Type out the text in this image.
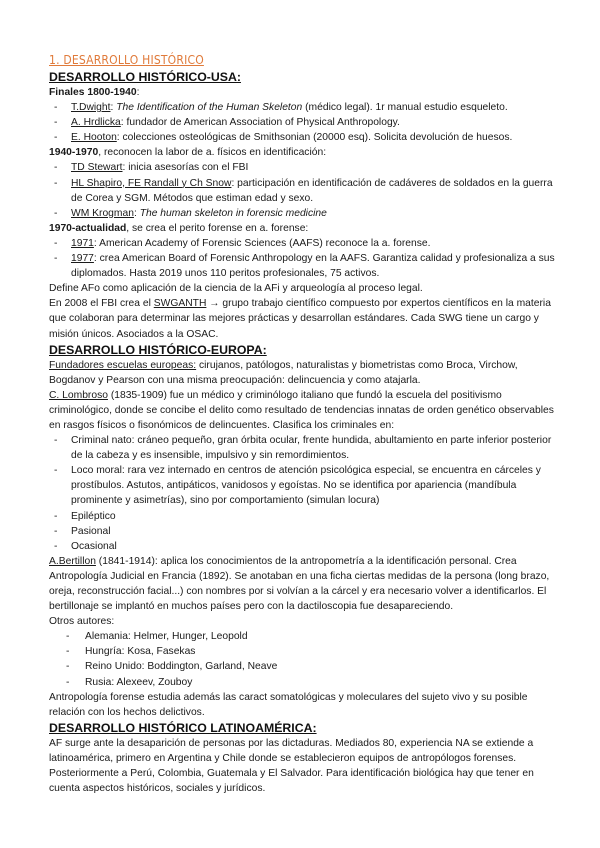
1. DESARROLLO HISTÓRICO
DESARROLLO HISTÓRICO-USA:

Finales 1800-1940:

- T.Dwight: The Identification of the Human Skeleton (médico legal). 1r manual estudio esqueleto.
- A. Hrdlicka: fundador de American Association of Physical Anthropology.
- E. Hooton: colecciones osteológicas de Smithsonian (20000 esq). Solicita devolución de huesos.

1940-1970, reconocen la labor de a. físicos en identificación:

- TD Stewart: inicia asesorías con el FBI
- HL Shapiro, FE Randall y Ch Snow: participación en identificación de cadáveres de soldados en la guerra de Corea y SGM. Métodos que estiman edad y sexo.
- WM Krogman: The human skeleton in forensic medicine

1970-actualidad, se crea el perito forense en a. forense:

- 1971: American Academy of Forensic Sciences (AAFS) reconoce la a. forense.
- 1977: crea American Board of Forensic Anthropology en la AAFS. Garantiza calidad y profesionaliza a sus diplomados. Hasta 2019 unos 110 peritos profesionales, 75 activos.

Define AFo como aplicación de la ciencia de la AFi y arqueología al proceso legal.

En 2008 el FBI crea el SWGANTH → grupo trabajo científico compuesto por expertos científicos en la materia que colaboran para determinar las mejores prácticas y desarrollan estándares. Cada SWG tiene un cargo y misión únicos. Asociados a la OSAC.

DESARROLLO HISTÓRICO-EUROPA:

Fundadores escuelas europeas: cirujanos, patólogos, naturalistas y biometristas como Broca, Virchow, Bogdanov y Pearson con una misma preocupación: delincuencia y como atajarla.

C. Lombroso (1835-1909) fue un médico y criminólogo italiano que fundó la escuela del positivismo criminológico, donde se concibe el delito como resultado de tendencias innatas de orden genético observables en rasgos físicos o fisonómicos de delincuentes. Clasifica los criminales en:

- Criminal nato: cráneo pequeño, gran órbita ocular, frente hundida, abultamiento en parte inferior posterior de la cabeza y es insensible, impulsivo y sin remordimientos.
- Loco moral: rara vez internado en centros de atención psicológica especial, se encuentra en cárceles y prostíbulos. Astutos, antipáticos, vanidosos y egoístas. No se identifica por apariencia (mandíbula prominente y asimetrías), sino por comportamiento (simulan locura)
- Epiléptico
- Pasional
- Ocasional

A.Bertillon (1841-1914): aplica los conocimientos de la antropometría a la identificación personal. Crea Antropología Judicial en Francia (1892). Se anotaban en una ficha ciertas medidas de la persona (long brazo, oreja, reconstrucción facial...) con nombres por si volvían a la cárcel y era necesario volver a identificarlos. El bertillonaje se implantó en muchos países pero con la dactiloscopia fue desapareciendo.

Otros autores:

- Alemania: Helmer, Hunger, Leopold
- Hungría: Kosa, Fasekas
- Reino Unido: Boddington, Garland, Neave
- Rusia: Alexeev, Zouboy

Antropología forense estudia además las caract somatológicas y moleculares del sujeto vivo y su posible relación con los hechos delictivos.

DESARROLLO HISTÓRICO LATINOAMÉRICA:

AF surge ante la desaparición de personas por las dictaduras. Mediados 80, experiencia NA se extiende a latinoamérica, primero en Argentina y Chile donde se establecieron equipos de antropólogos forenses. Posteriormente a Perú, Colombia, Guatemala y El Salvador. Para identificación biológica hay que tener en cuenta aspectos históricos, sociales y jurídicos.
